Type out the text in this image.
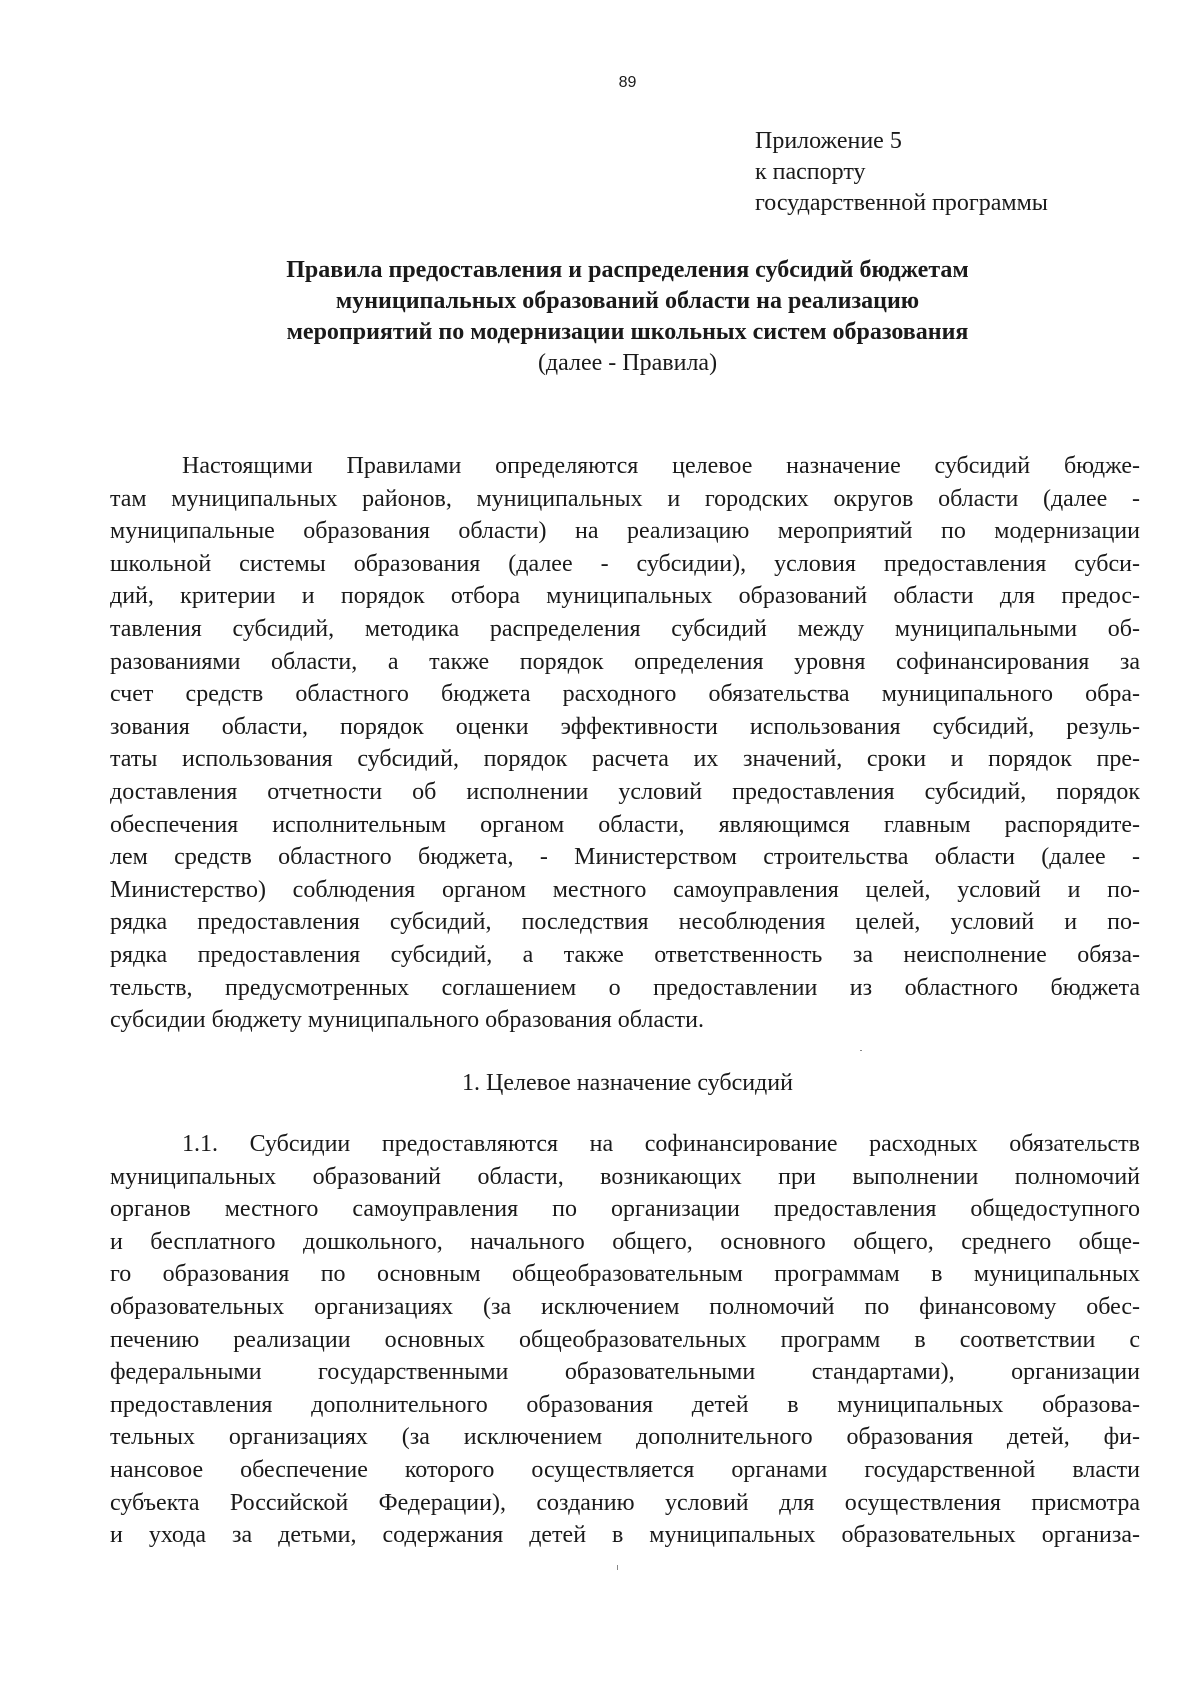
89
Приложение 5
к паспорту
государственной программы
Правила предоставления и распределения субсидий бюджетам
муниципальных образований области на реализацию
мероприятий по модернизации школьных систем образования
(далее - Правила)
Настоящими Правилами определяются целевое назначение субсидий бюдже-
там муниципальных районов, муниципальных и городских округов области (далее -
муниципальные образования области) на реализацию мероприятий по модернизации
школьной системы образования (далее - субсидии), условия предоставления субси-
дий, критерии и порядок отбора муниципальных образований области для предос-
тавления субсидий, методика распределения субсидий между муниципальными об-
разованиями области, а также порядок определения уровня софинансирования за
счет средств областного бюджета расходного обязательства муниципального обра-
зования области, порядок оценки эффективности использования субсидий, резуль-
таты использования субсидий, порядок расчета их значений, сроки и порядок пре-
доставления отчетности об исполнении условий предоставления субсидий, порядок
обеспечения исполнительным органом области, являющимся главным распорядите-
лем средств областного бюджета, - Министерством строительства области (далее -
Министерство) соблюдения органом местного самоуправления целей, условий и по-
рядка предоставления субсидий, последствия несоблюдения целей, условий и по-
рядка предоставления субсидий, а также ответственность за неисполнение обяза-
тельств, предусмотренных соглашением о предоставлении из областного бюджета
субсидии бюджету муниципального образования области.
1. Целевое назначение субсидий
1.1. Субсидии предоставляются на софинансирование расходных обязательств
муниципальных образований области, возникающих при выполнении полномочий
органов местного самоуправления по организации предоставления общедоступного
и бесплатного дошкольного, начального общего, основного общего, среднего обще-
го образования по основным общеобразовательным программам в муниципальных
образовательных организациях (за исключением полномочий по финансовому обес-
печению реализации основных общеобразовательных программ в соответствии с
федеральными государственными образовательными стандартами), организации
предоставления дополнительного образования детей в муниципальных образова-
тельных организациях (за исключением дополнительного образования детей, фи-
нансовое обеспечение которого осуществляется органами государственной власти
субъекта Российской Федерации), созданию условий для осуществления присмотра
и ухода за детьми, содержания детей в муниципальных образовательных организа-
